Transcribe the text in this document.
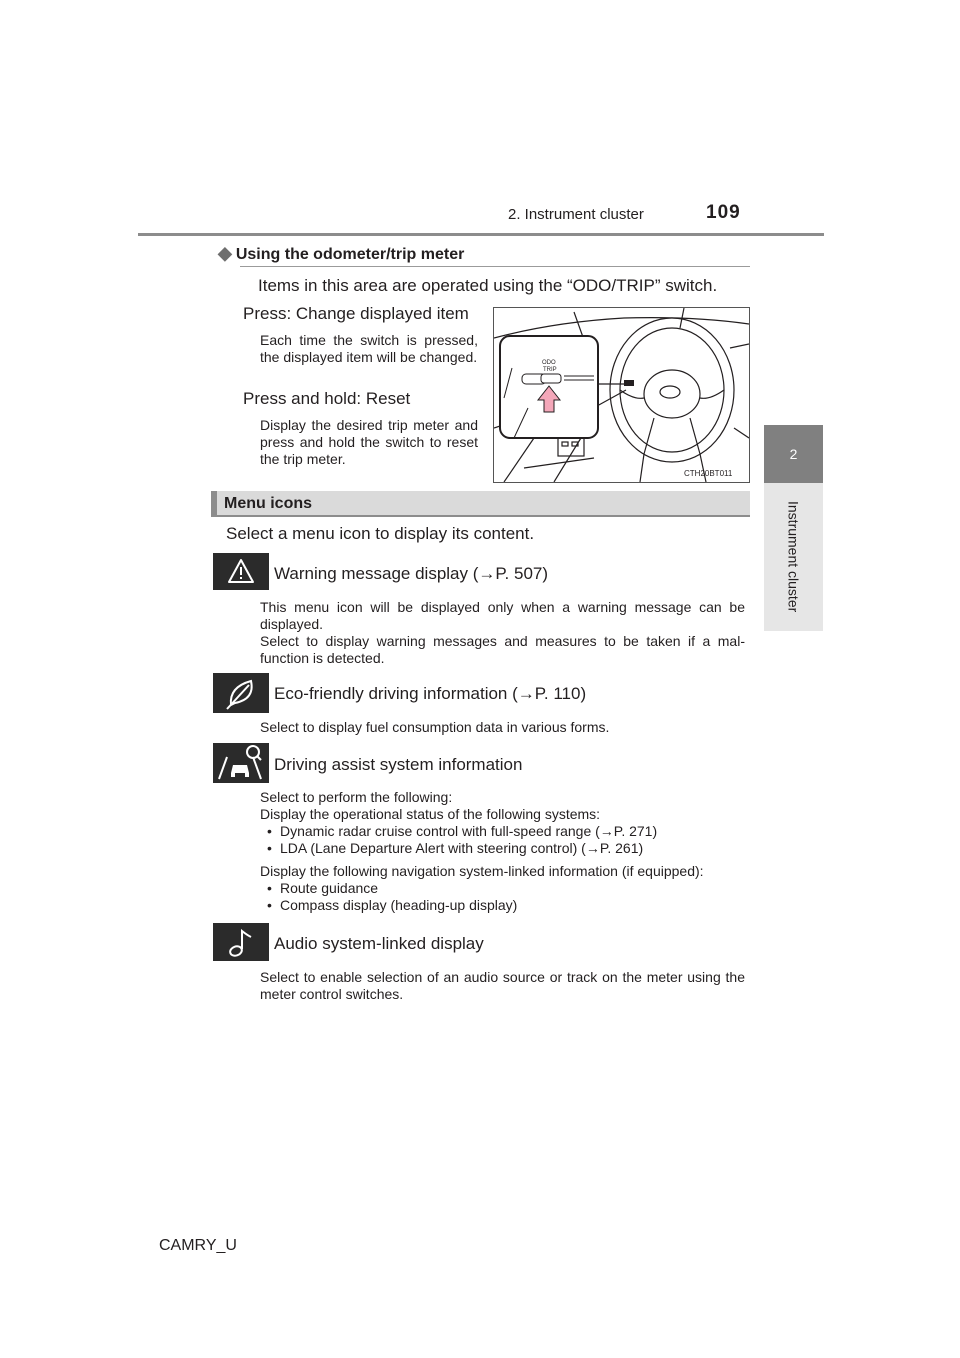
2. Instrument cluster	109
2
Instrument cluster
◆ Using the odometer/trip meter
Items in this area are operated using the “ODO/TRIP” switch.
Press: Change displayed item
Each time the switch is pressed, the displayed item will be changed.
Press and hold: Reset
Display the desired trip meter and press and hold the switch to reset the trip meter.
ODO
TRIP
CTH20BT011
Menu icons
Select a menu icon to display its content.
Warning message display (→P. 507)
This menu icon will be displayed only when a warning message can be displayed.
Select to display warning messages and measures to be taken if a mal- function is detected.
Eco-friendly driving information (→P. 110)
Select to display fuel consumption data in various forms.
Driving assist system information
Select to perform the following:
Display the operational status of the following systems:
• Dynamic radar cruise control with full-speed range (→P. 271)
• LDA (Lane Departure Alert with steering control) (→P. 261)
Display the following navigation system-linked information (if equipped):
• Route guidance
• Compass display (heading-up display)
Audio system-linked display
Select to enable selection of an audio source or track on the meter using the meter control switches.
CAMRY_U
